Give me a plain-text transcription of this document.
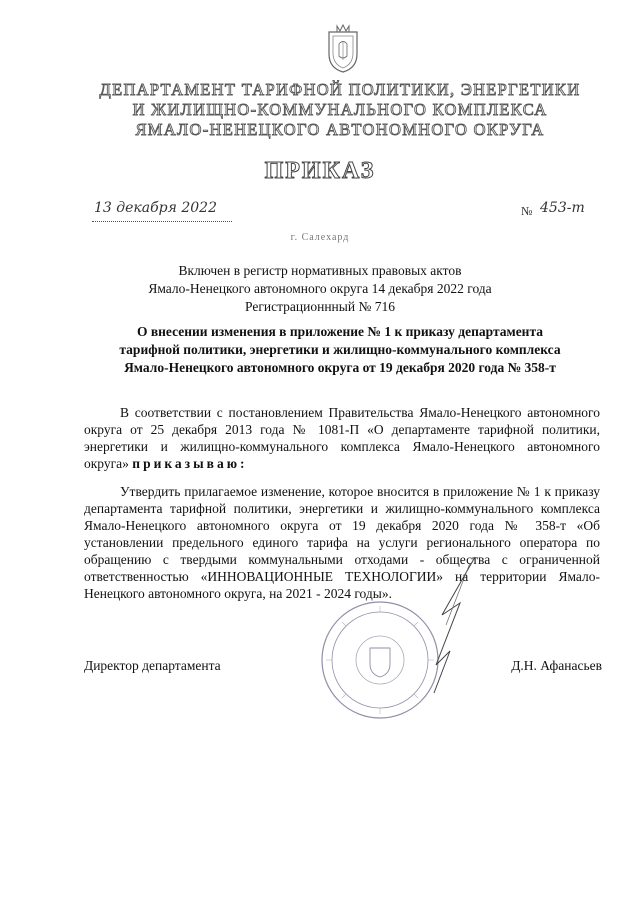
ДЕПАРТАМЕНТ ТАРИФНОЙ ПОЛИТИКИ, ЭНЕРГЕТИКИ
И ЖИЛИЩНО-КОММУНАЛЬНОГО КОМПЛЕКСА
ЯМАЛО-НЕНЕЦКОГО АВТОНОМНОГО ОКРУГА
ПРИКАЗ
13 декабря 2022	№ 453-т
г. Салехард
Включен в регистр нормативных правовых актов
Ямало-Ненецкого автономного округа 14 декабря 2022 года
Регистрационнный № 716
О внесении изменения в приложение № 1 к приказу департамента
тарифной политики, энергетики и жилищно-коммунального комплекса
Ямало-Ненецкого автономного округа от 19 декабря 2020 года № 358-т
В соответствии с постановлением Правительства Ямало-Ненецкого автономного округа от 25 декабря 2013 года № 1081-П «О департаменте тарифной политики, энергетики и жилищно-коммунального комплекса Ямало-Ненецкого автономного округа» приказываю:
Утвердить прилагаемое изменение, которое вносится в приложение № 1 к приказу департамента тарифной политики, энергетики и жилищно-коммунального комплекса Ямало-Ненецкого автономного округа от 19 декабря 2020 года № 358-т «Об установлении предельного единого тарифа на услуги регионального оператора по обращению с твердыми коммунальными отходами - общества с ограниченной ответственностью «ИННОВАЦИОННЫЕ ТЕХНОЛОГИИ» на территории Ямало-Ненецкого автономного округа, на 2021 - 2024 годы».
Директор департамента	Д.Н. Афанасьев
